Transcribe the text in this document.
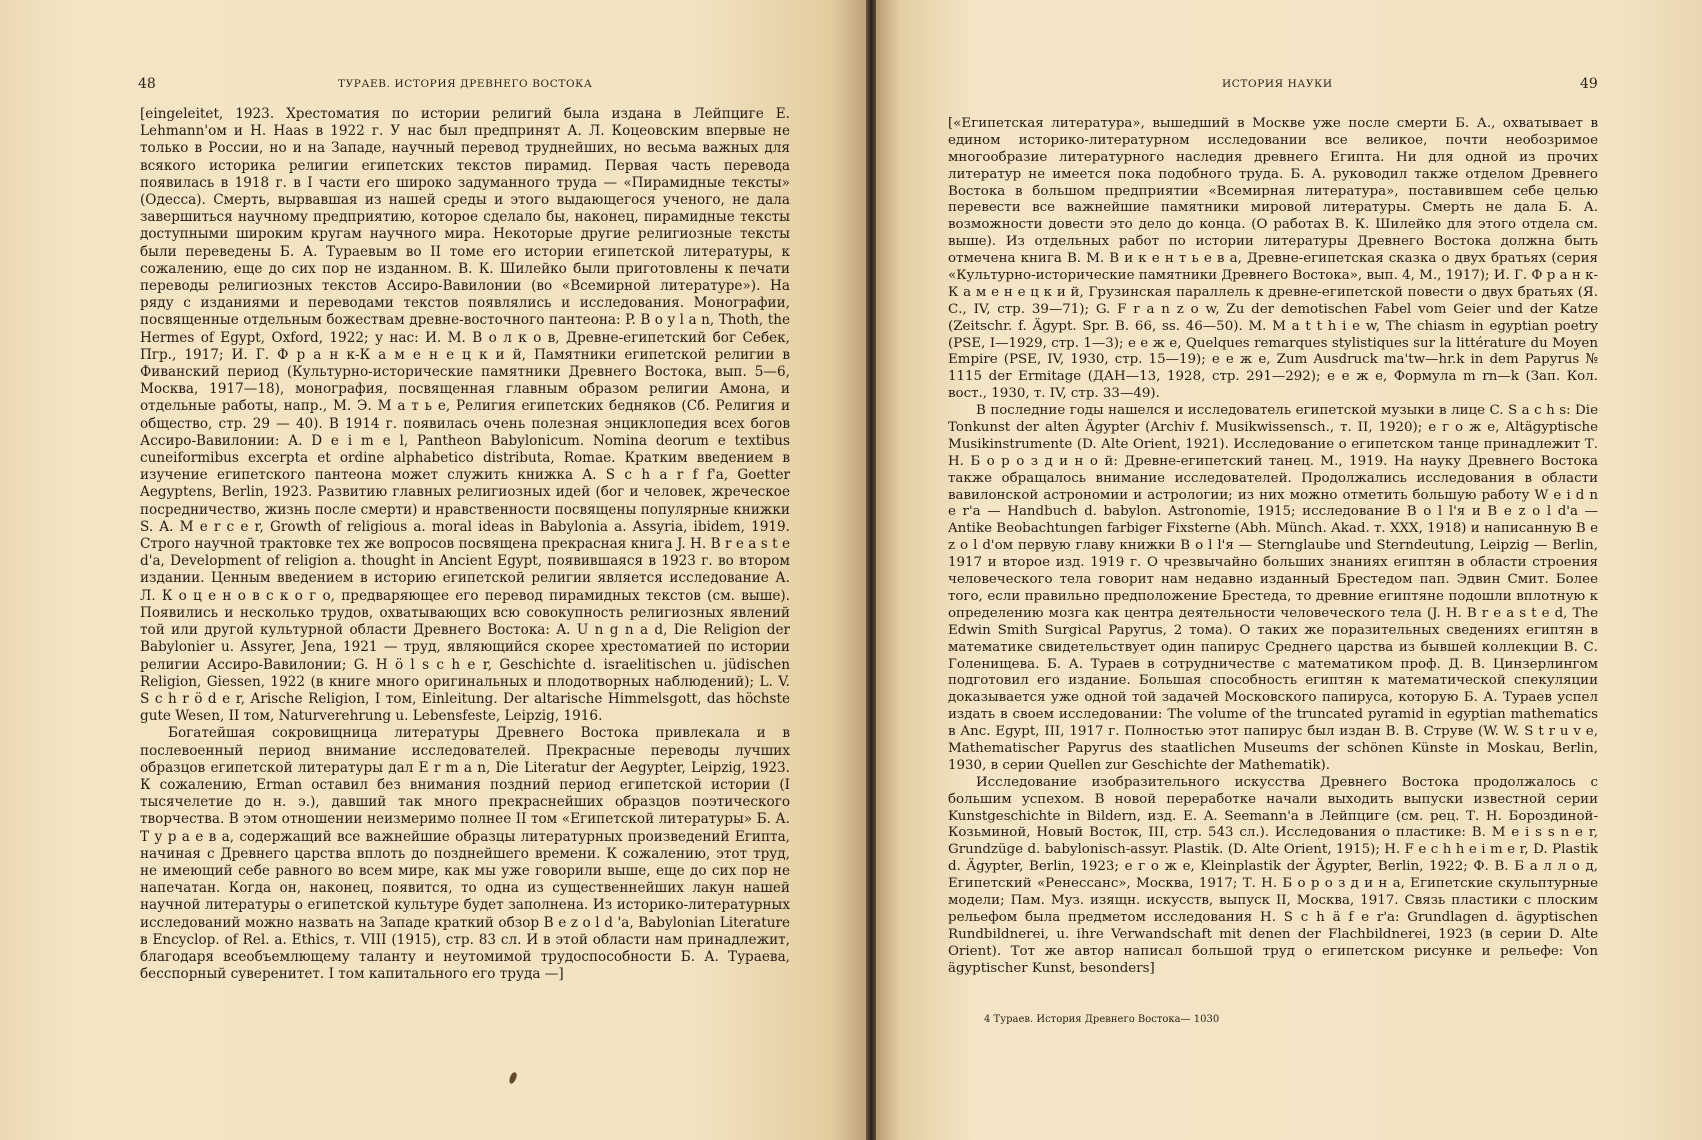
48	ТУРАЕВ. ИСТОРИЯ ДРЕВНЕГО ВОСТОКА

[eingeleitet, 1923. Хрестоматия по истории религий была издана в Лейпциге E. Lehmann'ом и H. Haas в 1922 г. У нас был предпринят А. Л. Коцеовским впервые не только в России, но и на Западе, научный перевод труднейших, но весьма важных для всякого историка религии египетских текстов пирамид. Первая часть перевода появилась в 1918 г. в I части его широко задуманного труда — «Пирамидные тексты» (Одесса). Смерть, вырвавшая из нашей среды и этого выдающегося ученого, не дала завершиться научному предприятию, которое сделало бы, наконец, пирамидные тексты доступными широким кругам научного мира. Некоторые другие религиозные тексты были переведены Б. А. Тураевым во II томе его истории египетской литературы, к сожалению, еще до сих пор не изданном. В. К. Шилейко были приготовлены к печати переводы религиозных текстов Ассиро-Вавилонии (во «Всемирной литературе»). На ряду с изданиями и переводами текстов появлялись и исследования. Монографии, посвященные отдельным божествам древне-восточного пантеона: P. B o y l a n, Thoth, the Hermes of Egypt, Oxford, 1922; у нас: И. М. В о л к о в, Древне-египетский бог Себек, Пгр., 1917; И. Г. Ф р а н к-К а м е н е ц к и й, Памятники египетской религии в Фиванский период (Культурно-исторические памятники Древнего Востока, вып. 5—6, Москва, 1917—18), монография, посвященная главным образом религии Амона, и отдельные работы, напр., М. Э. М а т ь е, Религия египетских бедняков (Сб. Религия и общество, стр. 29 — 40). В 1914 г. появилась очень полезная энциклопедия всех богов Ассиро-Вавилонии: A. D e i m e l, Pantheon Babylonicum. Nomina deorum e textibus cuneiformibus excerpta et ordine alphabetico distributa, Romae. Кратким введением в изучение египетского пантеона может служить книжка A. S c h a r f f'a, Goetter Aegyptens, Berlin, 1923. Развитию главных религиозных идей (бог и человек, жреческое посредничество, жизнь после смерти) и нравственности посвящены популярные книжки S. A. M e r c e r, Growth of religious a. moral ideas in Babylonia a. Assyria, ibidem, 1919. Строго научной трактовке тех же вопросов посвящена прекрасная книга J. H. B r e a s t e d'a, Development of religion a. thought in Ancient Egypt, появившаяся в 1923 г. во втором издании. Ценным введением в историю египетской религии является исследование А. Л. К о ц е н о в с к о г о, предваряющее его перевод пирамидных текстов (см. выше). Появились и несколько трудов, охватывающих всю совокупность религиозных явлений той или другой культурной области Древнего Востока: A. U n g n a d, Die Religion der Babylonier u. Assyrer, Jena, 1921 — труд, являющийся скорее хрестоматией по истории религии Ассиро-Вавилонии; G. H ö l s c h e r, Geschichte d. israelitischen u. jüdischen Religion, Giessen, 1922 (в книге много оригинальных и плодотворных наблюдений); L. V. S c h r ö d e r, Arische Religion, I том, Einleitung. Der altarische Himmelsgott, das höchste gute Wesen, II том, Naturverehrung u. Lebensfeste, Leipzig, 1916.

Богатейшая сокровищница литературы Древнего Востока привлекала и в послевоенный период внимание исследователей. Прекрасные переводы лучших образцов египетской литературы дал E r m a n, Die Literatur der Aegypter, Leipzig, 1923. К сожалению, Erman оставил без внимания поздний период египетской истории (I тысячелетие до н. э.), давший так много прекраснейших образцов поэтического творчества. В этом отношении неизмеримо полнее II том «Египетской литературы» Б. А. Т у р а е в а, содержащий все важнейшие образцы литературных произведений Египта, начиная с Древнего царства вплоть до позднейшего времени. К сожалению, этот труд, не имеющий себе равного во всем мире, как мы уже говорили выше, еще до сих пор не напечатан. Когда он, наконец, появится, то одна из существеннейших лакун нашей научной литературы о египетской культуре будет заполнена. Из историко-литературных исследований можно назвать на Западе краткий обзор B e z o l d 'a, Babylonian Literature в Encyclop. of Rel. a. Ethics, т. VIII (1915), стр. 83 сл. И в этой области нам принадлежит, благодаря всеобъемлющему таланту и неутомимой трудоспособности Б. А. Тураева, бесспорный суверенитет. I том капитального его труда —]

ИСТОРИЯ НАУКИ	49

[«Египетская литература», вышедший в Москве уже после смерти Б. А., охватывает в едином историко-литературном исследовании все великое, почти необозримое многообразие литературного наследия древнего Египта. Ни для одной из прочих литератур не имеется пока подобного труда. Б. А. руководил также отделом Древнего Востока в большом предприятии «Всемирная литература», поставившем себе целью перевести все важнейшие памятники мировой литературы. Смерть не дала Б. А. возможности довести это дело до конца. (О работах В. К. Шилейко для этого отдела см. выше). Из отдельных работ по истории литературы Древнего Востока должна быть отмечена книга В. М. В и к е н т ь е в а, Древне-египетская сказка о двух братьях (серия «Культурно-исторические памятники Древнего Востока», вып. 4, М., 1917); И. Г. Ф р а н к-К а м е н е ц к и й, Грузинская параллель к древне-египетской повести о двух братьях (Я. С., IV, стр. 39—71); G. F r a n z o w, Zu der demotischen Fabel vom Geier und der Katze (Zeitschr. f. Ägypt. Spr. B. 66, ss. 46—50). M. M a t t h i e w, The chiasm in egyptian poetry (PSE, I—1929, стр. 1—3); е е ж е, Quelques remarques stylistiques sur la littérature du Moyen Empire (PSE, IV, 1930, стр. 15—19); е е ж е, Zum Ausdruck ma'tw—hr.k in dem Papyrus № 1115 der Ermitage (ДАН—13, 1928, стр. 291—292); е е ж е, Формула m rn—k (Зап. Кол. вост., 1930, т. IV, стр. 33—49).

В последние годы нашелся и исследователь египетской музыки в лице C. S a c h s: Die Tonkunst der alten Ägypter (Archiv f. Musikwissensch., т. II, 1920); е г о ж е, Altägyptische Musikinstrumente (D. Alte Orient, 1921). Исследование о египетском танце принадлежит Т. Н. Б о р о з д и н о й: Древне-египетский танец. М., 1919. На науку Древнего Востока также обращалось внимание исследователей. Продолжались исследования в области вавилонской астрономии и астрологии; из них можно отметить большую работу W e i d n e r'a — Handbuch d. babylon. Astronomie, 1915; исследование B o l l'я и B e z o l d'a — Antike Beobachtungen farbiger Fixsterne (Abh. Münch. Akad. т. XXX, 1918) и написанную B e z o l d'ом первую главу книжки B o l l'я — Sternglaube und Sterndeutung, Leipzig — Berlin, 1917 и второе изд. 1919 г. О чрезвычайно больших знаниях египтян в области строения человеческого тела говорит нам недавно изданный Брестедом пап. Эдвин Смит. Более того, если правильно предположение Брестеда, то древние египтяне подошли вплотную к определению мозга как центра деятельности человеческого тела (J. H. B r e a s t e d, The Edwin Smith Surgical Papyrus, 2 тома). О таких же поразительных сведениях египтян в математике свидетельствует один папирус Среднего царства из бывшей коллекции В. С. Голенищева. Б. А. Тураев в сотрудничестве с математиком проф. Д. В. Цинзерлингом подготовил его издание. Большая способность египтян к математической спекуляции доказывается уже одной той задачей Московского папируса, которую Б. А. Тураев успел издать в своем исследовании: The volume of the truncated pyramid in egyptian mathematics в Anc. Egypt, III, 1917 г. Полностью этот папирус был издан В. В. Струве (W. W. S t r u v e, Mathematischer Papyrus des staatlichen Museums der schönen Künste in Moskau, Berlin, 1930, в серии Quellen zur Geschichte der Mathematik).

Исследование изобразительного искусства Древнего Востока продолжалось с большим успехом. В новой переработке начали выходить выпуски известной серии Kunstgeschichte in Bildern, изд. E. A. Seemann'a в Лейпциге (см. рец. Т. Н. Бороздиной-Козьминой, Новый Восток, III, стр. 543 сл.). Исследования о пластике: B. M e i s s n e r, Grundzüge d. babylonisch-assyr. Plastik. (D. Alte Orient, 1915); H. F e c h h e i m e r, D. Plastik d. Ägypter, Berlin, 1923; е г о ж е, Kleinplastik der Ägypter, Berlin, 1922; Ф. В. Б а л л о д, Египетский «Ренессанс», Москва, 1917; Т. Н. Б о р о з д и н а, Египетские скульптурные модели; Пам. Муз. изящн. искусств, выпуск II, Москва, 1917. Связь пластики с плоским рельефом была предметом исследования H. S c h ä f e r'a: Grundlagen d. ägyptischen Rundbildnerei, u. ihre Verwandschaft mit denen der Flachbildnerei, 1923 (в серии D. Alte Orient). Тот же автор написал большой труд о египетском рисунке и рельефе: Von ägyptischer Kunst, besonders]

4 Тураев. История Древнего Востока— 1030
